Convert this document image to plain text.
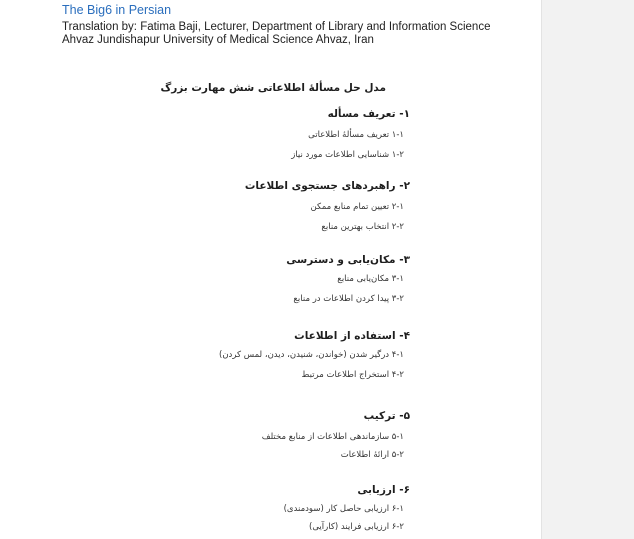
The Big6 in Persian
Translation by: Fatima Baji, Lecturer, Department of Library and Information Science
Ahvaz Jundishapur University of Medical Science Ahvaz, Iran
مدل حل مسألهٔ اطلاعاتی شش مهارت بزرگ
۱- تعریف مسأله
۱-۱ تعریف مسألهٔ اطلاعاتی
۱-۲ شناسایی اطلاعات مورد نیاز
۲- راهبردهای جستجوی اطلاعات
۲-۱ تعیین تمام منابع ممکن
۲-۲ انتخاب بهترین منابع
۳- مکان‌یابی و دسترسی
۳-۱ مکان‌یابی منابع
۳-۲ پیدا کردن اطلاعات در منابع
۴- استفاده از اطلاعات
۴-۱ درگیر شدن (خواندن، شنیدن، دیدن، لمس کردن)
۴-۲ استخراج اطلاعات مرتبط
۵- ترکیب
۵-۱ سازماندهی اطلاعات از منابع مختلف
۵-۲ ارائهٔ اطلاعات
۶- ارزیابی
۶-۱ ارزیابی حاصل کار (سودمندی)
۶-۲ ارزیابی فرایند (کارآیی)
